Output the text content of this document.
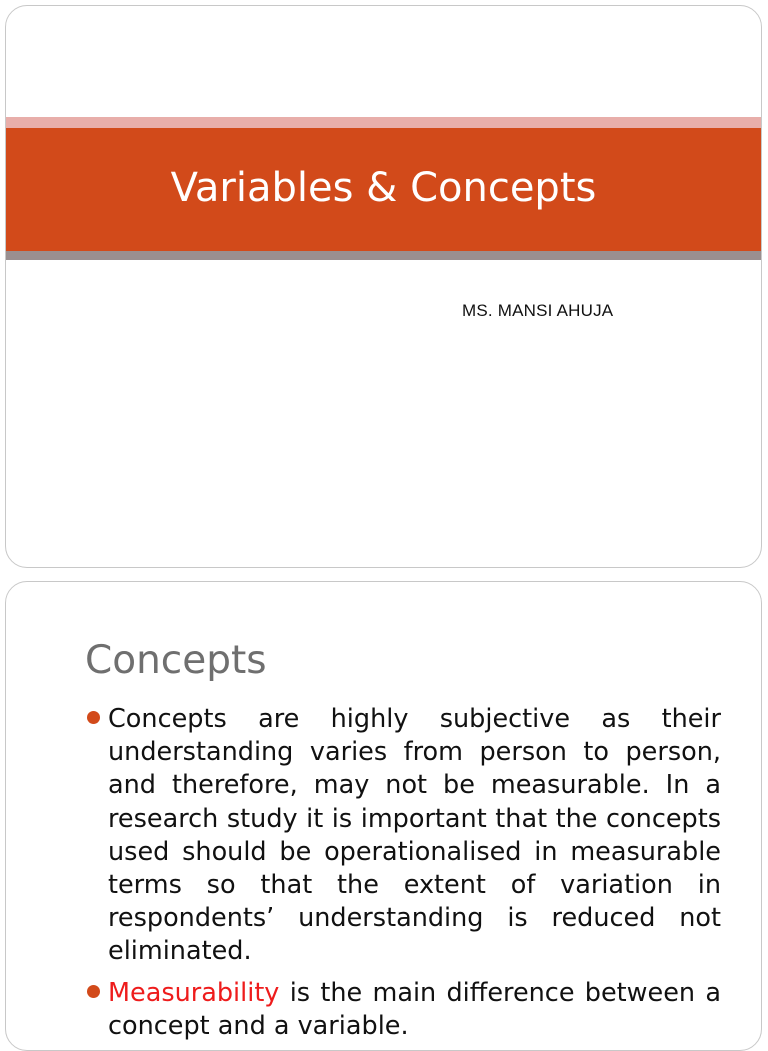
Variables & Concepts
MS. MANSI AHUJA
Concepts
Concepts are highly subjective as their understanding varies from person to person, and therefore, may not be measurable. In a research study it is important that the concepts used should be operationalised in measurable terms so that the extent of variation in respondents’ understanding is reduced not eliminated.
Measurability is the main difference between a concept and a variable.
